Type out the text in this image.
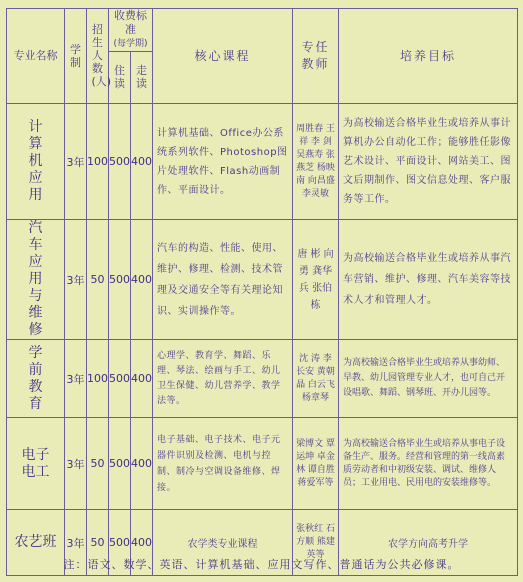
专业名称	学制	招生人数(人)	收费标准
(每学期)		核心课程	专任教师	培养目标
			住读	走读			
计算机应用	3年	100	500	400	计算机基础、Office办公系统系列软件、Photoshop图片处理软件、Flash动画制作、平面设计。	周胜春 王 祥 李 剑 吴燕寿 张燕芝 杨映南 向昌盛 李灵敏	为高校输送合格毕业生或培养从事计算机办公自动化工作；能够胜任影像艺术设计、平面设计、网站美工、图文后期制作、图文信息处理、客户服务等工作。
汽车应用与维修	3年	50	500	400	汽车的构造、性能、使用、维护、修理、检测、技术管理及交通安全等有关理论知识、实训操作等。	唐 彬 向 勇 龚华兵 张伯栋	为高校输送合格毕业生或培养从事汽车营销、维护、修理、汽车美容等技术人才和管理人才。
学前教育	3年	100	500	400	心理学、教育学、舞蹈、乐理、琴法、绘画与手工、幼儿卫生保健、幼儿营养学、教学法等。	沈 涛 李长安 黄朝晶 白云飞 杨章琴	为高校输送合格毕业生或培养从事幼师、早教、幼儿园管理专业人才，也可自己开设唱歌、舞蹈、钢琴班、开办儿园等。
电子电工	3年	50	500	400	电子基础、电子技术、电子元器件识别及检测、电机与控制、制冷与空调设备维修、焊接。	梁博文 覃运坤 卓金林 谭自胜 蒋爱军等	为高校输送合格毕业生或培养从事电子设备生产、服务。经营和管理的第一线高素质劳动者和中初级安装、调试、维修人员；工业用电、民用电的安装维修等。
农艺班	3年	50	500	400	农学类专业课程	张秋红 石方顺 熊建英等	农学方向高考升学
注：语文、数学、英语、计算机基础、应用文写作、普通话为公共必修课。
